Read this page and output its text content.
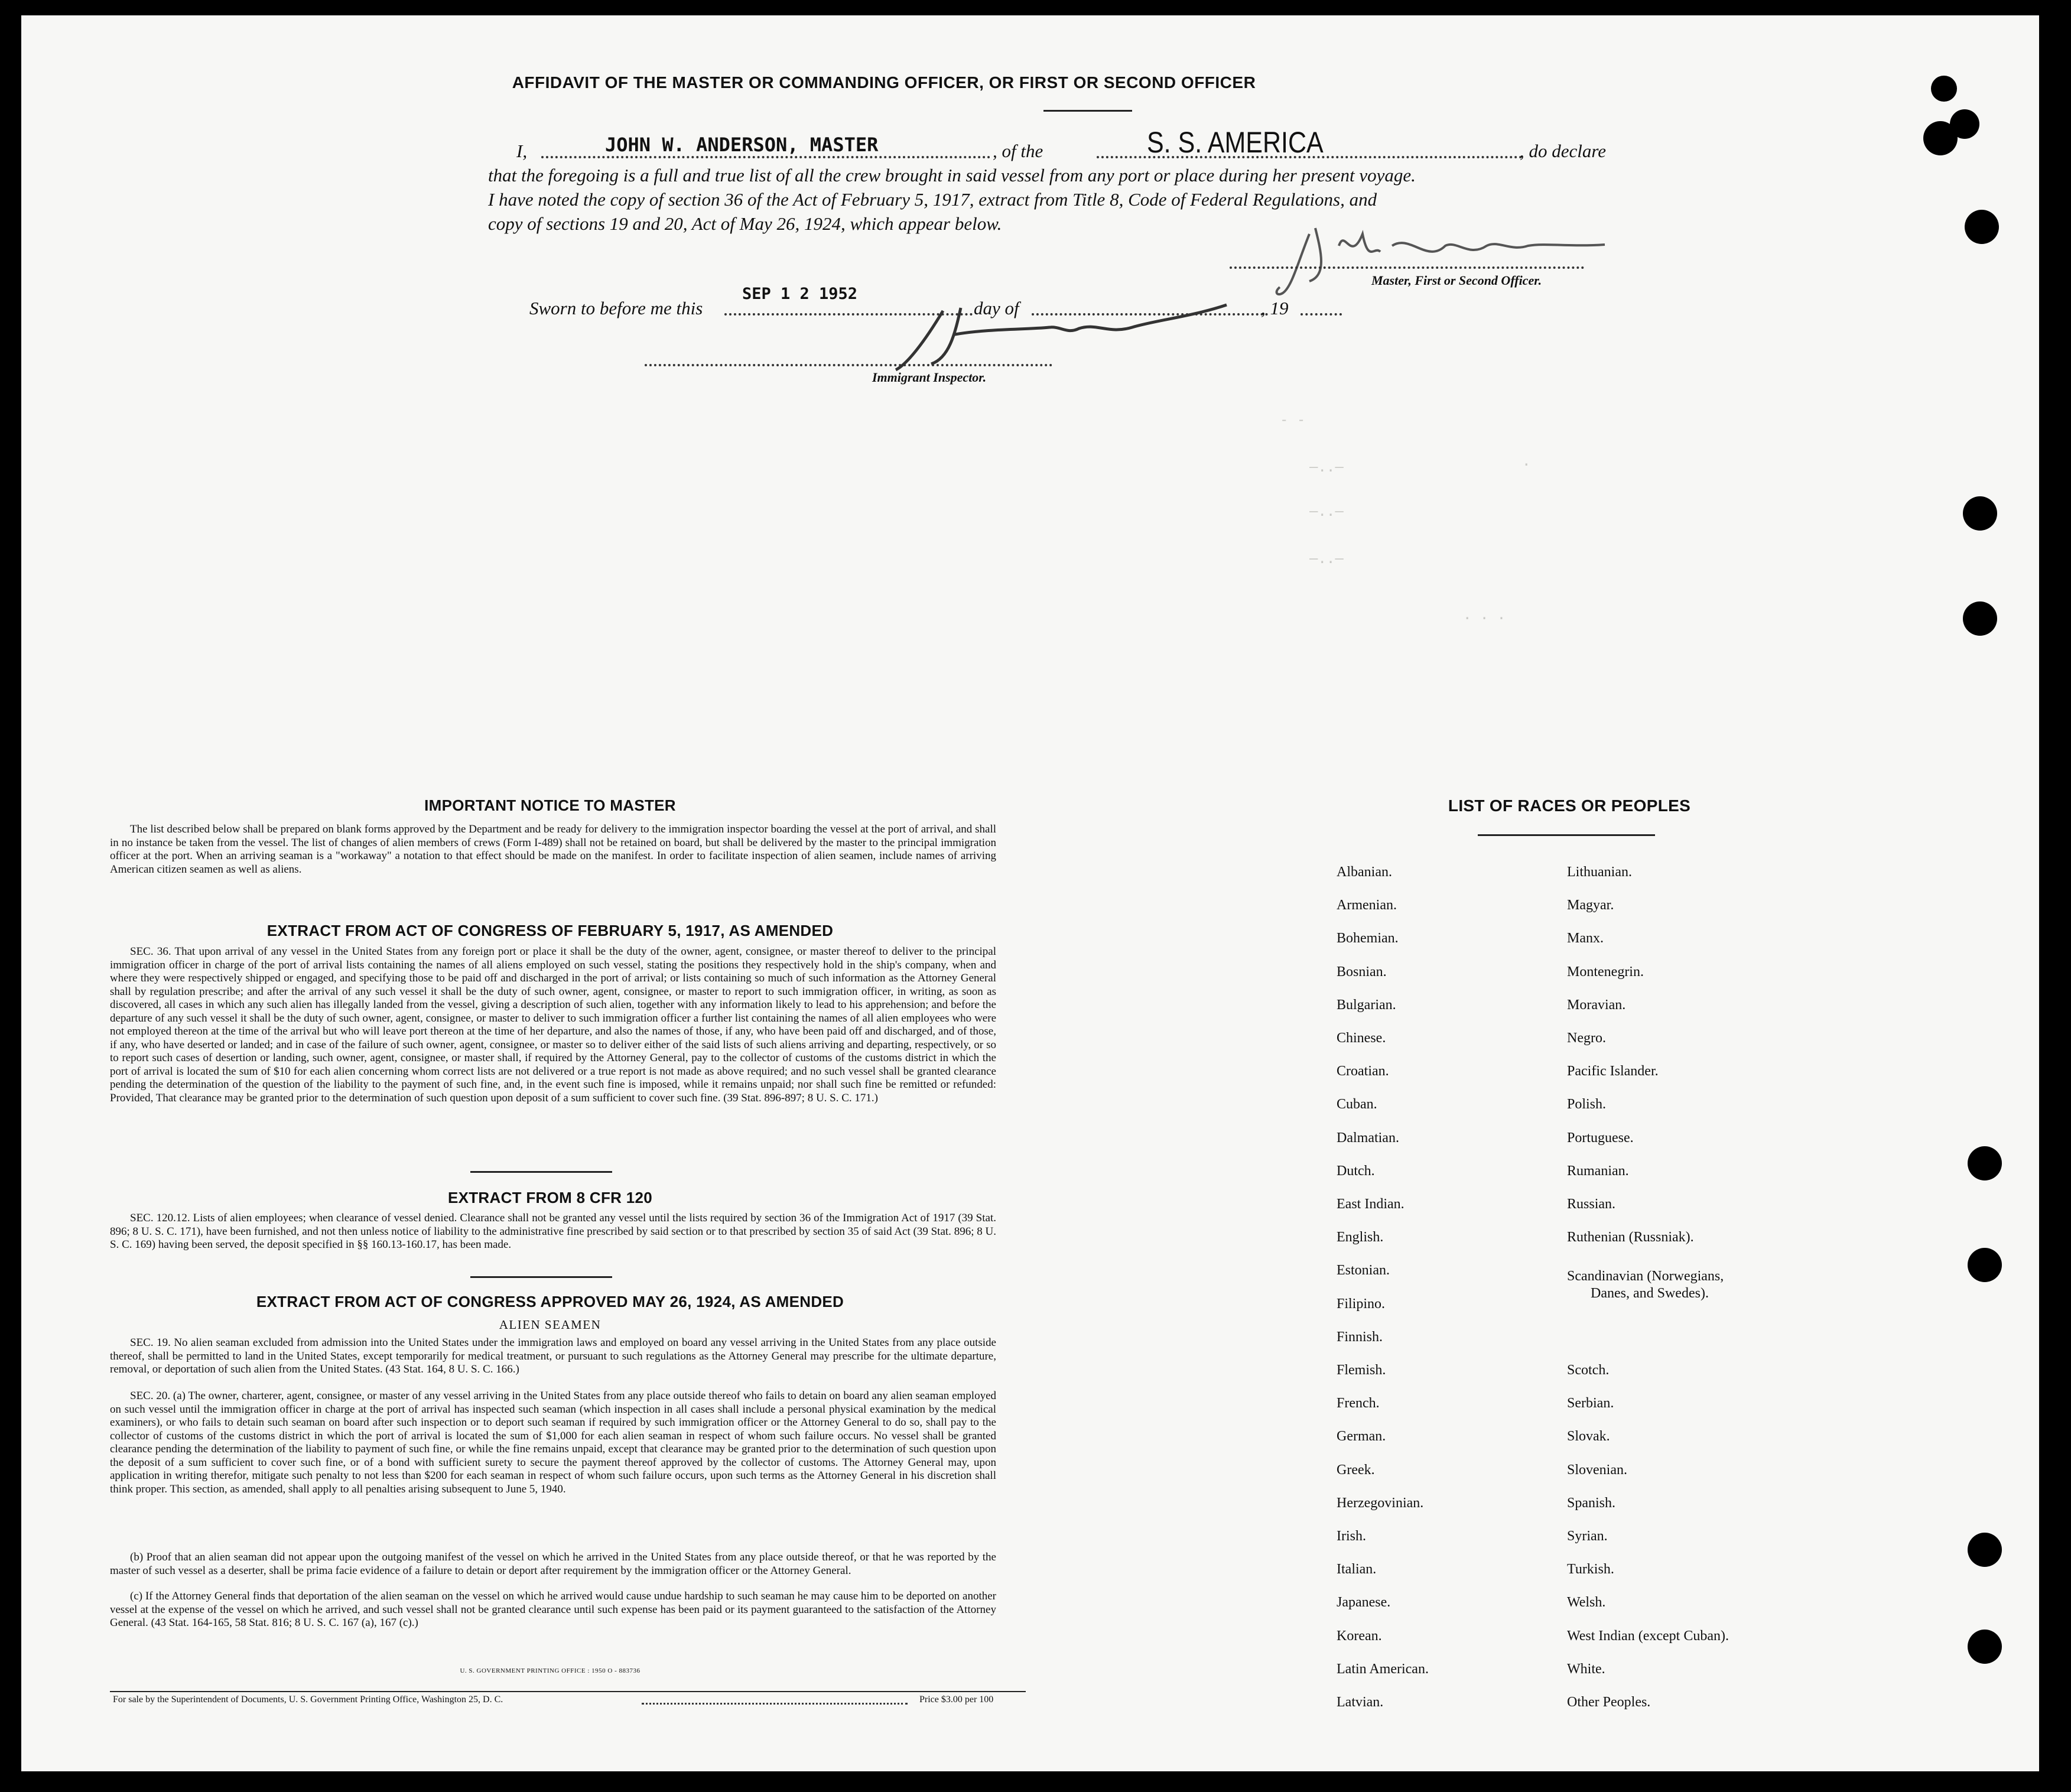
AFFIDAVIT OF THE MASTER OR COMMANDING OFFICER, OR FIRST OR SECOND OFFICER
I,	JOHN W. ANDERSON, MASTER	, of the	S. S. AMERICA	, do declare
that the foregoing is a full and true list of all the crew brought in said vessel from any port or place during her present voyage.
I have noted the copy of section 36 of the Act of February 5, 1917, extract from Title 8, Code of Federal Regulations, and
copy of sections 19 and 20, Act of May 26, 1924, which appear below.
Master, First or Second Officer.
Sworn to before me this
SEP 1 2 1952
day of	, 19
Immigrant Inspector.
- -
—..—
—..—
—..—
.
. . .
IMPORTANT NOTICE TO MASTER

The list described below shall be prepared on blank forms approved by the Department and be ready for delivery to the immigration inspector boarding the vessel at the port of arrival, and shall in no instance be taken from the vessel. The list of changes of alien members of crews (Form I-489) shall not be retained on board, but shall be delivered by the master to the principal immigration officer at the port. When an arriving seaman is a "workaway" a notation to that effect should be made on the manifest. In order to facilitate inspection of alien seamen, include names of arriving American citizen seamen as well as aliens.

EXTRACT FROM ACT OF CONGRESS OF FEBRUARY 5, 1917, AS AMENDED

SEC. 36. That upon arrival of any vessel in the United States from any foreign port or place it shall be the duty of the owner, agent, consignee, or master thereof to deliver to the principal immigration officer in charge of the port of arrival lists containing the names of all aliens employed on such vessel, stating the positions they respectively hold in the ship's company, when and where they were respectively shipped or engaged, and specifying those to be paid off and discharged in the port of arrival; or lists containing so much of such information as the Attorney General shall by regulation prescribe; and after the arrival of any such vessel it shall be the duty of such owner, agent, consignee, or master to report to such immigration officer, in writing, as soon as discovered, all cases in which any such alien has illegally landed from the vessel, giving a description of such alien, together with any information likely to lead to his apprehension; and before the departure of any such vessel it shall be the duty of such owner, agent, consignee, or master to deliver to such immigration officer a further list containing the names of all alien employees who were not employed thereon at the time of the arrival but who will leave port thereon at the time of her departure, and also the names of those, if any, who have been paid off and discharged, and of those, if any, who have deserted or landed; and in case of the failure of such owner, agent, consignee, or master so to deliver either of the said lists of such aliens arriving and departing, respectively, or so to report such cases of desertion or landing, such owner, agent, consignee, or master shall, if required by the Attorney General, pay to the collector of customs of the customs district in which the port of arrival is located the sum of $10 for each alien concerning whom correct lists are not delivered or a true report is not made as above required; and no such vessel shall be granted clearance pending the determination of the question of the liability to the payment of such fine, and, in the event such fine is imposed, while it remains unpaid; nor shall such fine be remitted or refunded: Provided, That clearance may be granted prior to the determination of such question upon deposit of a sum sufficient to cover such fine. (39 Stat. 896-897; 8 U. S. C. 171.)

EXTRACT FROM 8 CFR 120

SEC. 120.12. Lists of alien employees; when clearance of vessel denied. Clearance shall not be granted any vessel until the lists required by section 36 of the Immigration Act of 1917 (39 Stat. 896; 8 U. S. C. 171), have been furnished, and not then unless notice of liability to the administrative fine prescribed by said section or to that prescribed by section 35 of said Act (39 Stat. 896; 8 U. S. C. 169) having been served, the deposit specified in §§ 160.13-160.17, has been made.

EXTRACT FROM ACT OF CONGRESS APPROVED MAY 26, 1924, AS AMENDED
ALIEN SEAMEN

SEC. 19. No alien seaman excluded from admission into the United States under the immigration laws and employed on board any vessel arriving in the United States from any place outside thereof, shall be permitted to land in the United States, except temporarily for medical treatment, or pursuant to such regulations as the Attorney General may prescribe for the ultimate departure, removal, or deportation of such alien from the United States. (43 Stat. 164, 8 U. S. C. 166.)

SEC. 20. (a) The owner, charterer, agent, consignee, or master of any vessel arriving in the United States from any place outside thereof who fails to detain on board any alien seaman employed on such vessel until the immigration officer in charge at the port of arrival has inspected such seaman (which inspection in all cases shall include a personal physical examination by the medical examiners), or who fails to detain such seaman on board after such inspection or to deport such seaman if required by such immigration officer or the Attorney General to do so, shall pay to the collector of customs of the customs district in which the port of arrival is located the sum of $1,000 for each alien seaman in respect of whom such failure occurs. No vessel shall be granted clearance pending the determination of the liability to payment of such fine, or while the fine remains unpaid, except that clearance may be granted prior to the determination of such question upon the deposit of a sum sufficient to cover such fine, or of a bond with sufficient surety to secure the payment thereof approved by the collector of customs. The Attorney General may, upon application in writing therefor, mitigate such penalty to not less than $200 for each seaman in respect of whom such failure occurs, upon such terms as the Attorney General in his discretion shall think proper. This section, as amended, shall apply to all penalties arising subsequent to June 5, 1940.

(b) Proof that an alien seaman did not appear upon the outgoing manifest of the vessel on which he arrived in the United States from any place outside thereof, or that he was reported by the master of such vessel as a deserter, shall be prima facie evidence of a failure to detain or deport after requirement by the immigration officer or the Attorney General.

(c) If the Attorney General finds that deportation of the alien seaman on the vessel on which he arrived would cause undue hardship to such seaman he may cause him to be deported on another vessel at the expense of the vessel on which he arrived, and such vessel shall not be granted clearance until such expense has been paid or its payment guaranteed to the satisfaction of the Attorney General. (43 Stat. 164-165, 58 Stat. 816; 8 U. S. C. 167 (a), 167 (c).)

U. S. GOVERNMENT PRINTING OFFICE : 1950 O - 883736
For sale by the Superintendent of Documents, U. S. Government Printing Office, Washington 25, D. C.	Price $3.00 per 100
LIST OF RACES OR PEOPLES
Albanian.
Armenian.
Bohemian.
Bosnian.
Bulgarian.
Chinese.
Croatian.
Cuban.
Dalmatian.
Dutch.
East Indian.
English.
Estonian.
Filipino.
Finnish.
Flemish.
French.
German.
Greek.
Herzegovinian.
Irish.
Italian.
Japanese.
Korean.
Latin American.
Latvian.
Lithuanian.
Magyar.
Manx.
Montenegrin.
Moravian.
Negro.
Pacific Islander.
Polish.
Portuguese.
Rumanian.
Russian.
Ruthenian (Russniak).
Scandinavian (Norwegians,
Danes, and Swedes).
Scotch.
Serbian.
Slovak.
Slovenian.
Spanish.
Syrian.
Turkish.
Welsh.
West Indian (except Cuban).
White.
Other Peoples.
